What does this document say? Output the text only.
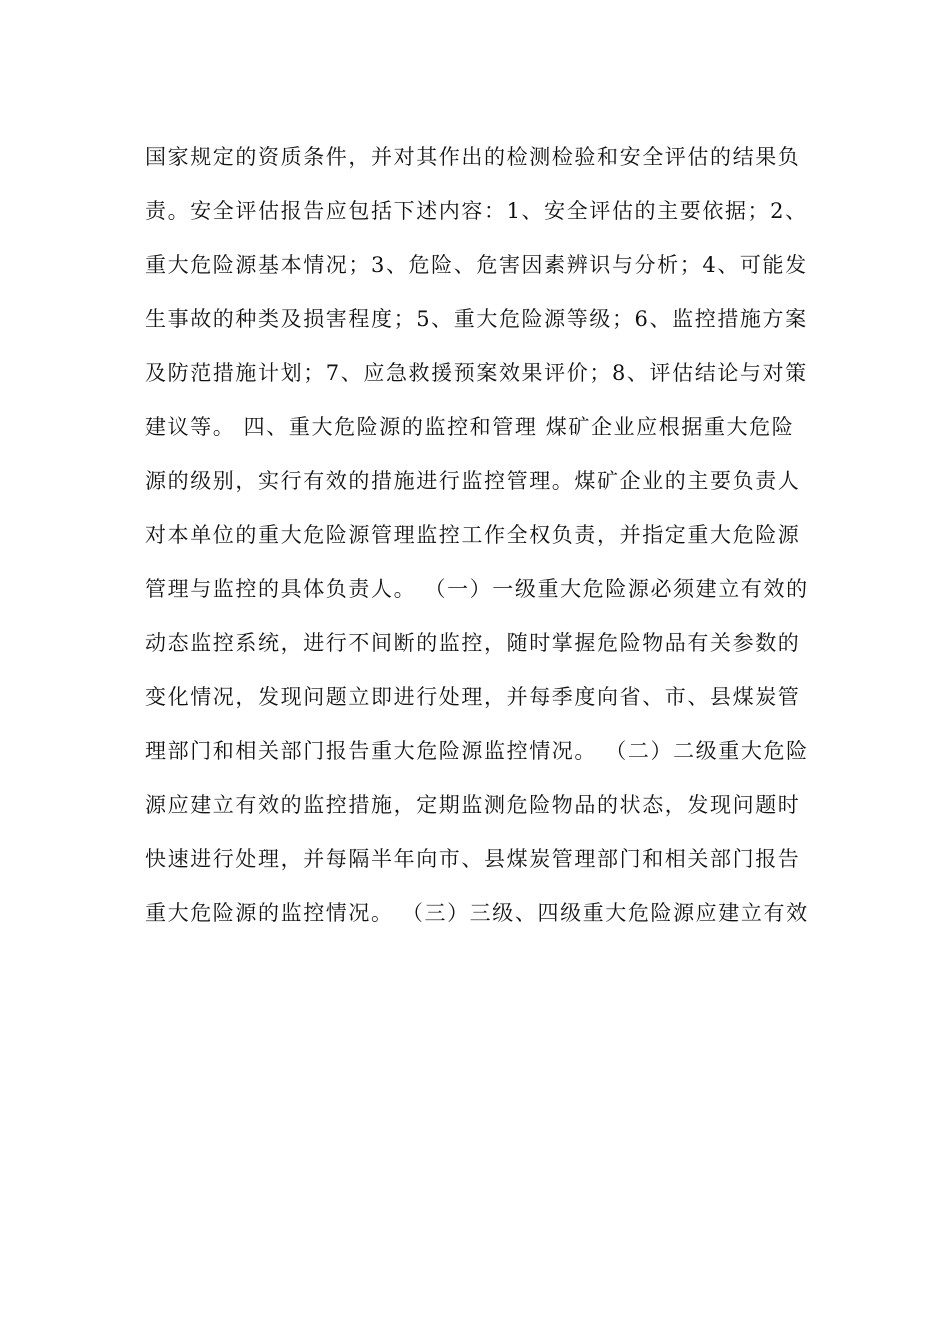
国家规定的资质条件，并对其作出的检测检验和安全评估的结果负
责。安全评估报告应包括下述内容：1、安全评估的主要依据；2、
重大危险源基本情况；3、危险、危害因素辨识与分析；4、可能发
生事故的种类及损害程度；5、重大危险源等级；6、监控措施方案
及防范措施计划；7、应急救援预案效果评价；8、评估结论与对策
建议等。 四、重大危险源的监控和管理 煤矿企业应根据重大危险
源的级别，实行有效的措施进行监控管理。煤矿企业的主要负责人
对本单位的重大危险源管理监控工作全权负责，并指定重大危险源
管理与监控的具体负责人。 （一）一级重大危险源必须建立有效的
动态监控系统，进行不间断的监控，随时掌握危险物品有关参数的
变化情况，发现问题立即进行处理，并每季度向省、市、县煤炭管
理部门和相关部门报告重大危险源监控情况。 （二）二级重大危险
源应建立有效的监控措施，定期监测危险物品的状态，发现问题时
快速进行处理，并每隔半年向市、县煤炭管理部门和相关部门报告
重大危险源的监控情况。 （三）三级、四级重大危险源应建立有效
